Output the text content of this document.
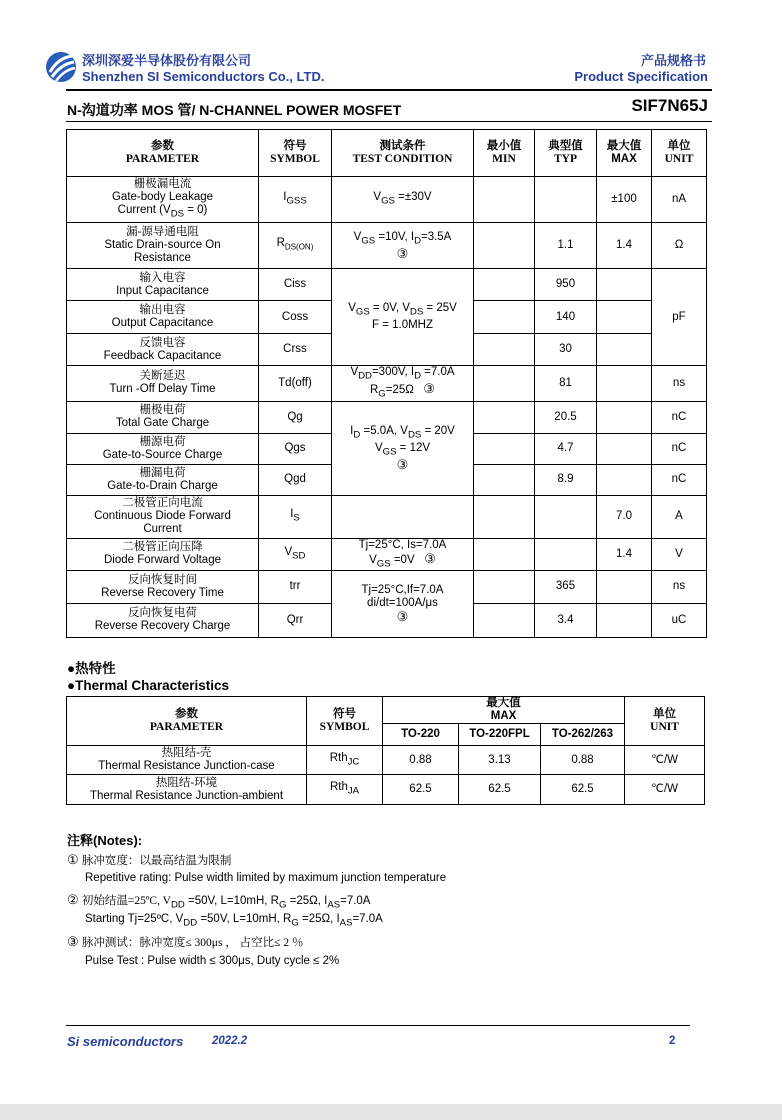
深圳深爱半导体股份有限公司
Shenzhen SI Semiconductors Co., LTD.
产品规格书
Product Specification
N-沟道功率 MOS 管/ N-CHANNEL POWER MOSFET	SIF7N65J
参数
PARAMETER	符号
SYMBOL	测试条件
TEST CONDITION	最小值
MIN	典型值
TYP	最大值
MAX	单位
UNIT
栅极漏电流
Gate-body Leakage
Current $(V_{DS} = 0)$	$I_{GSS}$	$V_{GS} =\pm 30V$			±100	nA
漏-源导通电阻
Static Drain-source On
Resistance	$R_{DS(ON)}$	$V_{GS} =10V$, $I_D=3.5A$
③		1.1	1.4	Ω
输入电容
Input Capacitance	Ciss	$V_{GS} = 0V$, $V_{DS} = 25V$
F = 1.0MHZ		950		pF
输出电容
Output Capacitance	Coss			140		
反馈电容
Feedback Capacitance	Crss			30		
关断延迟
Turn -Off Delay Time	Td(off)	$V_{DD}=300V$, $I_D =7.0A$
$R_G=25\Omega$ ③		81		ns
栅极电荷
Total Gate Charge	Qg	$I_D =5.0A$, $V_{DS} = 20V$
$V_{GS} = 12V$
③		20.5		nC
栅源电荷
Gate-to-Source Charge	Qgs			4.7		nC
栅漏电荷
Gate-to-Drain Charge	Qgd			8.9		nC
二极管正向电流
Continuous Diode Forward
Current	$I_S$				7.0	A
二极管正向压降
Diode Forward Voltage	$V_{SD}$	Tj=25°C, Is=7.0A
$V_{GS} =0V$ ③			1.4	V
反向恢复时间
Reverse Recovery Time	trr	Tj=25°C,If=7.0A
di/dt=100A/μs
③		365		ns
反向恢复电荷
Reverse Recovery Charge	Qrr			3.4		uC
●热特性
●Thermal Characteristics
参数
PARAMETER	符号
SYMBOL	最大值
MAX			单位
UNIT
		TO-220	TO-220FPL	TO-262/263	
热阻结-壳
Thermal Resistance Junction-case	Rth$_{JC}$	0.88	3.13	0.88	℃/W
热阻结-环境
Thermal Resistance Junction-ambient	Rth$_{JA}$	62.5	62.5	62.5	℃/W
注释(Notes):
① 脉冲宽度：以最高结温为限制
Repetitive rating: Pulse width limited by maximum junction temperature
② 初始结温=25ºC, $V_{DD} =50V$, L=10mH, $R_G =25\Omega$, $I_{AS}=7.0A$
Starting Tj=25ºC, $V_{DD} =50V$, L=10mH, $R_G =25\Omega$, $I_{AS}=7.0A$
③ 脉冲测试：脉冲宽度≤ 300μs ， 占空比≤ 2 ％
Pulse Test : Pulse width ≤ 300μs, Duty cycle ≤ 2%
Si semiconductors 2022.2	2
